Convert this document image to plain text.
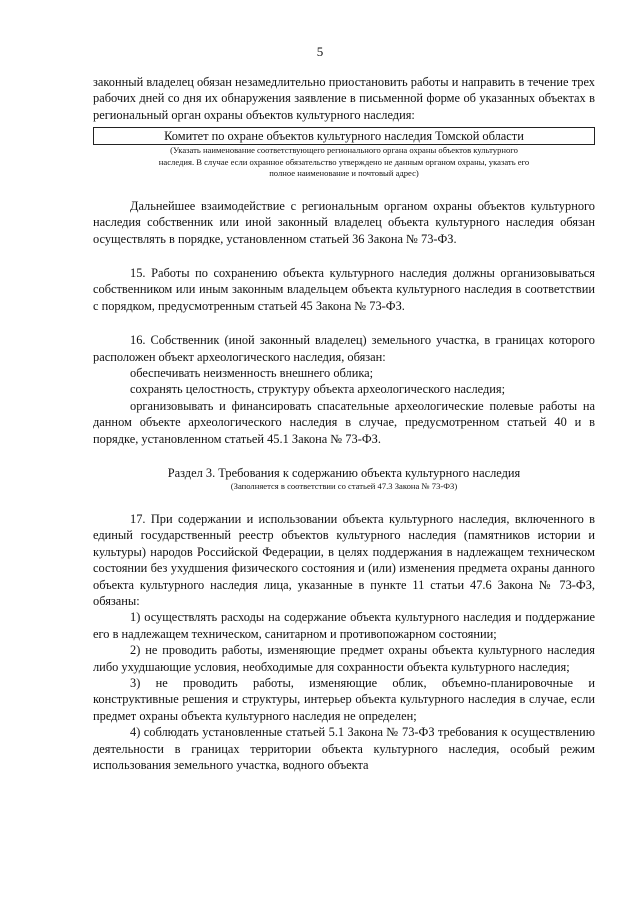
5

законный владелец обязан незамедлительно приостановить работы и направить в течение трех рабочих дней со дня их обнаружения заявление в письменной форме об указанных объектах в региональный орган охраны объектов культурного наследия:

Комитет по охране объектов культурного наследия Томской области
(Указать наименование соответствующего регионального органа охраны объектов культурного наследия. В случае если охранное обязательство утверждено не данным органом охраны, указать его полное наименование и почтовый адрес)

Дальнейшее взаимодействие с региональным органом охраны объектов культурного наследия собственник или иной законный владелец объекта культурного наследия обязан осуществлять в порядке, установленном статьей 36 Закона № 73-ФЗ.

15. Работы по сохранению объекта культурного наследия должны организовываться собственником или иным законным владельцем объекта культурного наследия в соответствии с порядком, предусмотренным статьей 45 Закона № 73-ФЗ.

16. Собственник (иной законный владелец) земельного участка, в границах которого расположен объект археологического наследия, обязан:

обеспечивать неизменность внешнего облика;

сохранять целостность, структуру объекта археологического наследия;

организовывать и финансировать спасательные археологические полевые работы на данном объекте археологического наследия в случае, предусмотренном статьей 40 и в порядке, установленном статьей 45.1 Закона № 73-ФЗ.

Раздел 3. Требования к содержанию объекта культурного наследия

(Заполняется в соответствии со статьей 47.3 Закона № 73-ФЗ)

17. При содержании и использовании объекта культурного наследия, включенного в единый государственный реестр объектов культурного наследия (памятников истории и культуры) народов Российской Федерации, в целях поддержания в надлежащем техническом состоянии без ухудшения физического состояния и (или) изменения предмета охраны данного объекта культурного наследия лица, указанные в пункте 11 статьи 47.6 Закона № 73-ФЗ, обязаны:

1) осуществлять расходы на содержание объекта культурного наследия и поддержание его в надлежащем техническом, санитарном и противопожарном состоянии;

2) не проводить работы, изменяющие предмет охраны объекта культурного наследия либо ухудшающие условия, необходимые для сохранности объекта культурного наследия;

3) не проводить работы, изменяющие облик, объемно-планировочные и конструктивные решения и структуры, интерьер объекта культурного наследия в случае, если предмет охраны объекта культурного наследия не определен;

4) соблюдать установленные статьей 5.1 Закона № 73-ФЗ требования к осуществлению деятельности в границах территории объекта культурного наследия, особый режим использования земельного участка, водного объекта
